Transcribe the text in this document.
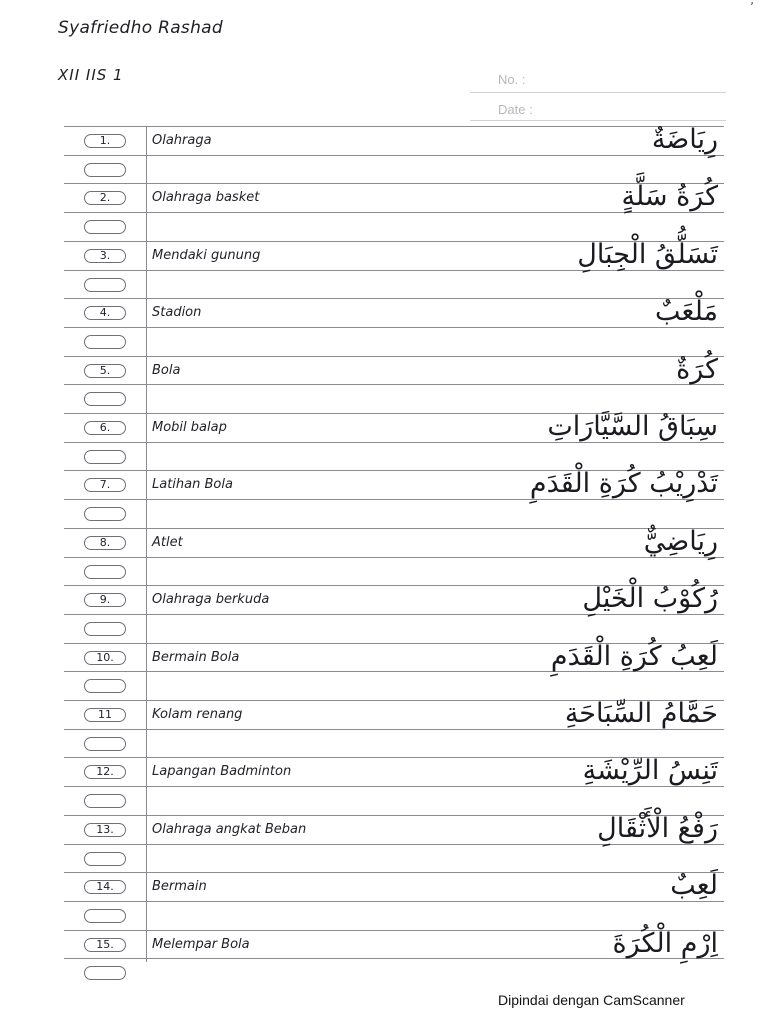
٬
Syafriedho Rashad
XII IIS 1	No. :
Date :
1.	Olahraga	رِيَاضَةٌ
2.	Olahraga basket	كُرَةُ سَلَّةٍ
3.	Mendaki gunung	تَسَلُّقُ الْجِبَالِ
4.	Stadion	مَلْعَبٌ
5.	Bola	كُرَةٌ
6.	Mobil balap	سِبَاقُ السَّيَّارَاتِ
7.	Latihan Bola	تَدْرِيْبُ كُرَةِ الْقَدَمِ
8.	Atlet	رِيَاضِيٌّ
9.	Olahraga berkuda	رُكُوْبُ الْخَيْلِ
10.	Bermain Bola	لَعِبُ كُرَةِ الْقَدَمِ
11	Kolam renang	حَمَّامُ السِّبَاحَةِ
12.	Lapangan Badminton	تَنِسُ الرِّيْشَةِ
13.	Olahraga angkat Beban	رَفْعُ الْأَثْقَالِ
14.	Bermain	لَعِبٌ
15.	Melempar Bola	اِرْمِ الْكُرَةَ
Dipindai dengan CamScanner
